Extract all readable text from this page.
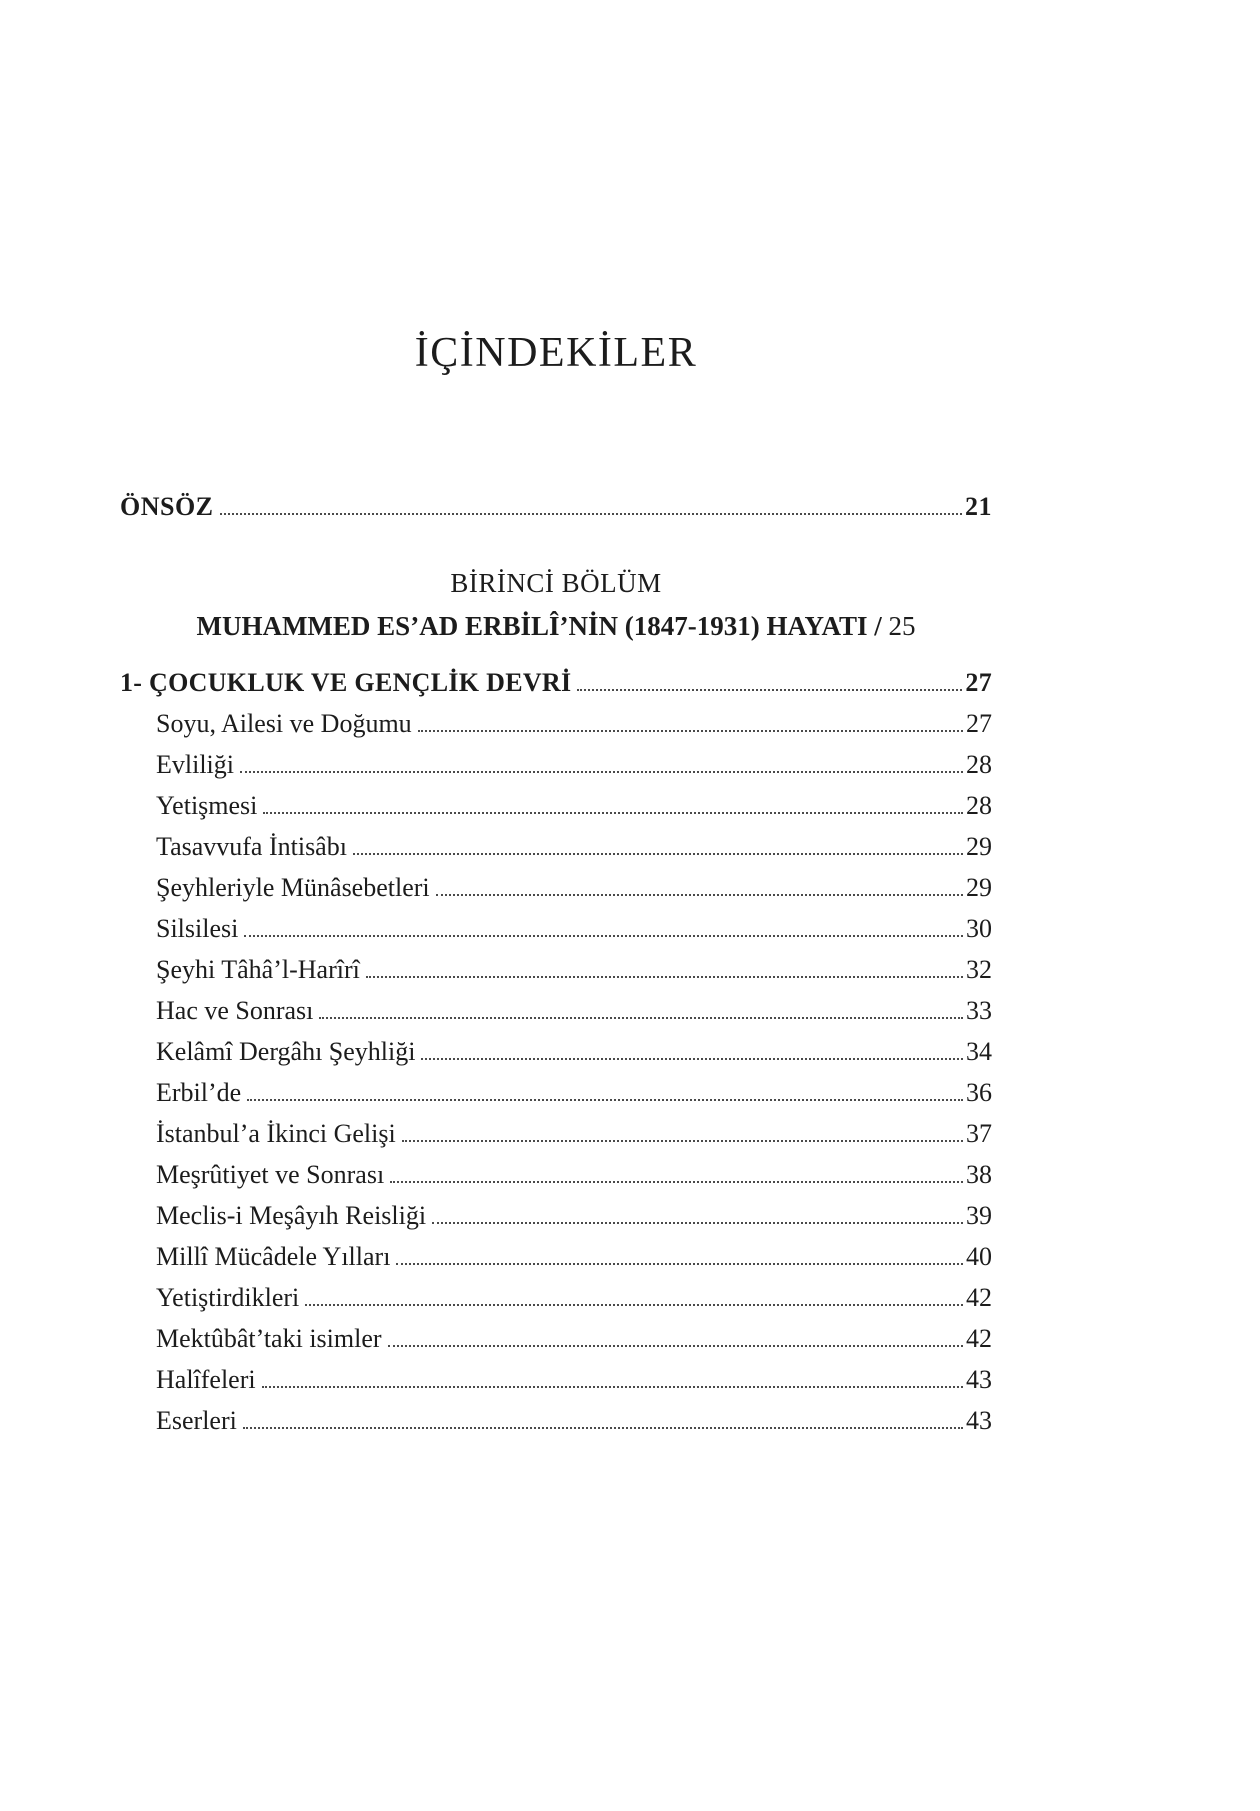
İÇİNDEKİLER
ÖNSÖZ	21
BİRİNCİ BÖLÜM
MUHAMMED ES’AD ERBİLÎ’NİN (1847-1931) HAYATI / 25
1- ÇOCUKLUK VE GENÇLİK DEVRİ	27
Soyu, Ailesi ve Doğumu	27
Evliliği	28
Yetişmesi	28
Tasavvufa İntisâbı	29
Şeyhleriyle Münâsebetleri	29
Silsilesi	30
Şeyhi Tâhâ’l-Harîrî	32
Hac ve Sonrası	33
Kelâmî Dergâhı Şeyhliği	34
Erbil’de	36
İstanbul’a İkinci Gelişi	37
Meşrûtiyet ve Sonrası	38
Meclis-i Meşâyıh Reisliği	39
Millî Mücâdele Yılları	40
Yetiştirdikleri	42
Mektûbât’taki isimler	42
Halîfeleri	43
Eserleri	43
